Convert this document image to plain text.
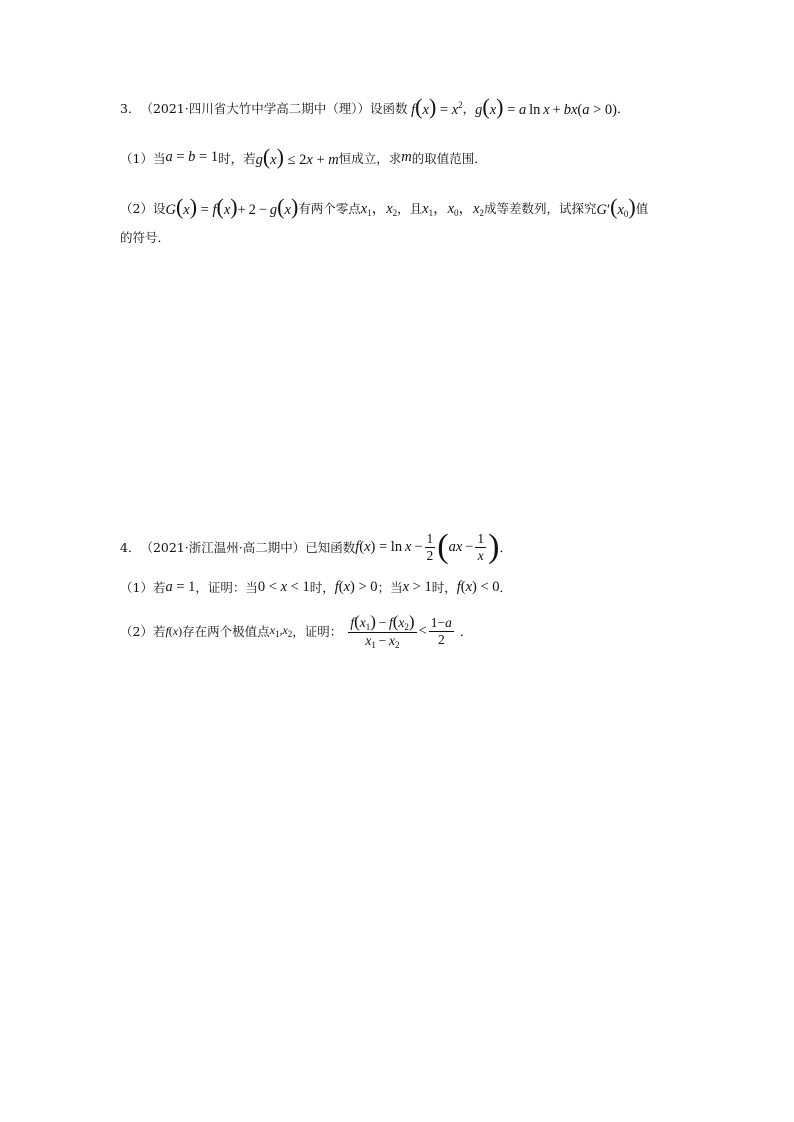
3． （2021·四川省大竹中学高二期中（理）） 设函数 $f(x) = x^2$ ， g(x) = a ln x + bx(a > 0) ．
（1）当 a = b = 1 时，若 g(x) ≤ 2x + m 恒成立，求 m 的取值范围．
（2）设 G(x) = f(x)+ 2 − g(x) 有两个零点 $x_1$，$x_2$ ，且 $x_1$，$x_0$，$x_2$ 成等差数列，试探究 $G'(x_0)$ 值
的符号．
4． （2021·浙江温州·高二期中） 已知函数 $f(x) = \ln x - \frac{1}{2}$ ( ax  − $\frac{1}{x}$ ) ．
（1）若 a = 1 ，证明：当 0 < x < 1 时， f(x) > 0 ；当 x > 1 时， f(x) < 0 ．
（2）若 f(x) 存在两个极值点 $x_1,x_2$ ，证明： $\frac{f(x_1) - f(x_2)}{x_1 - x_2} < \frac{1-a}{2}$ ．
